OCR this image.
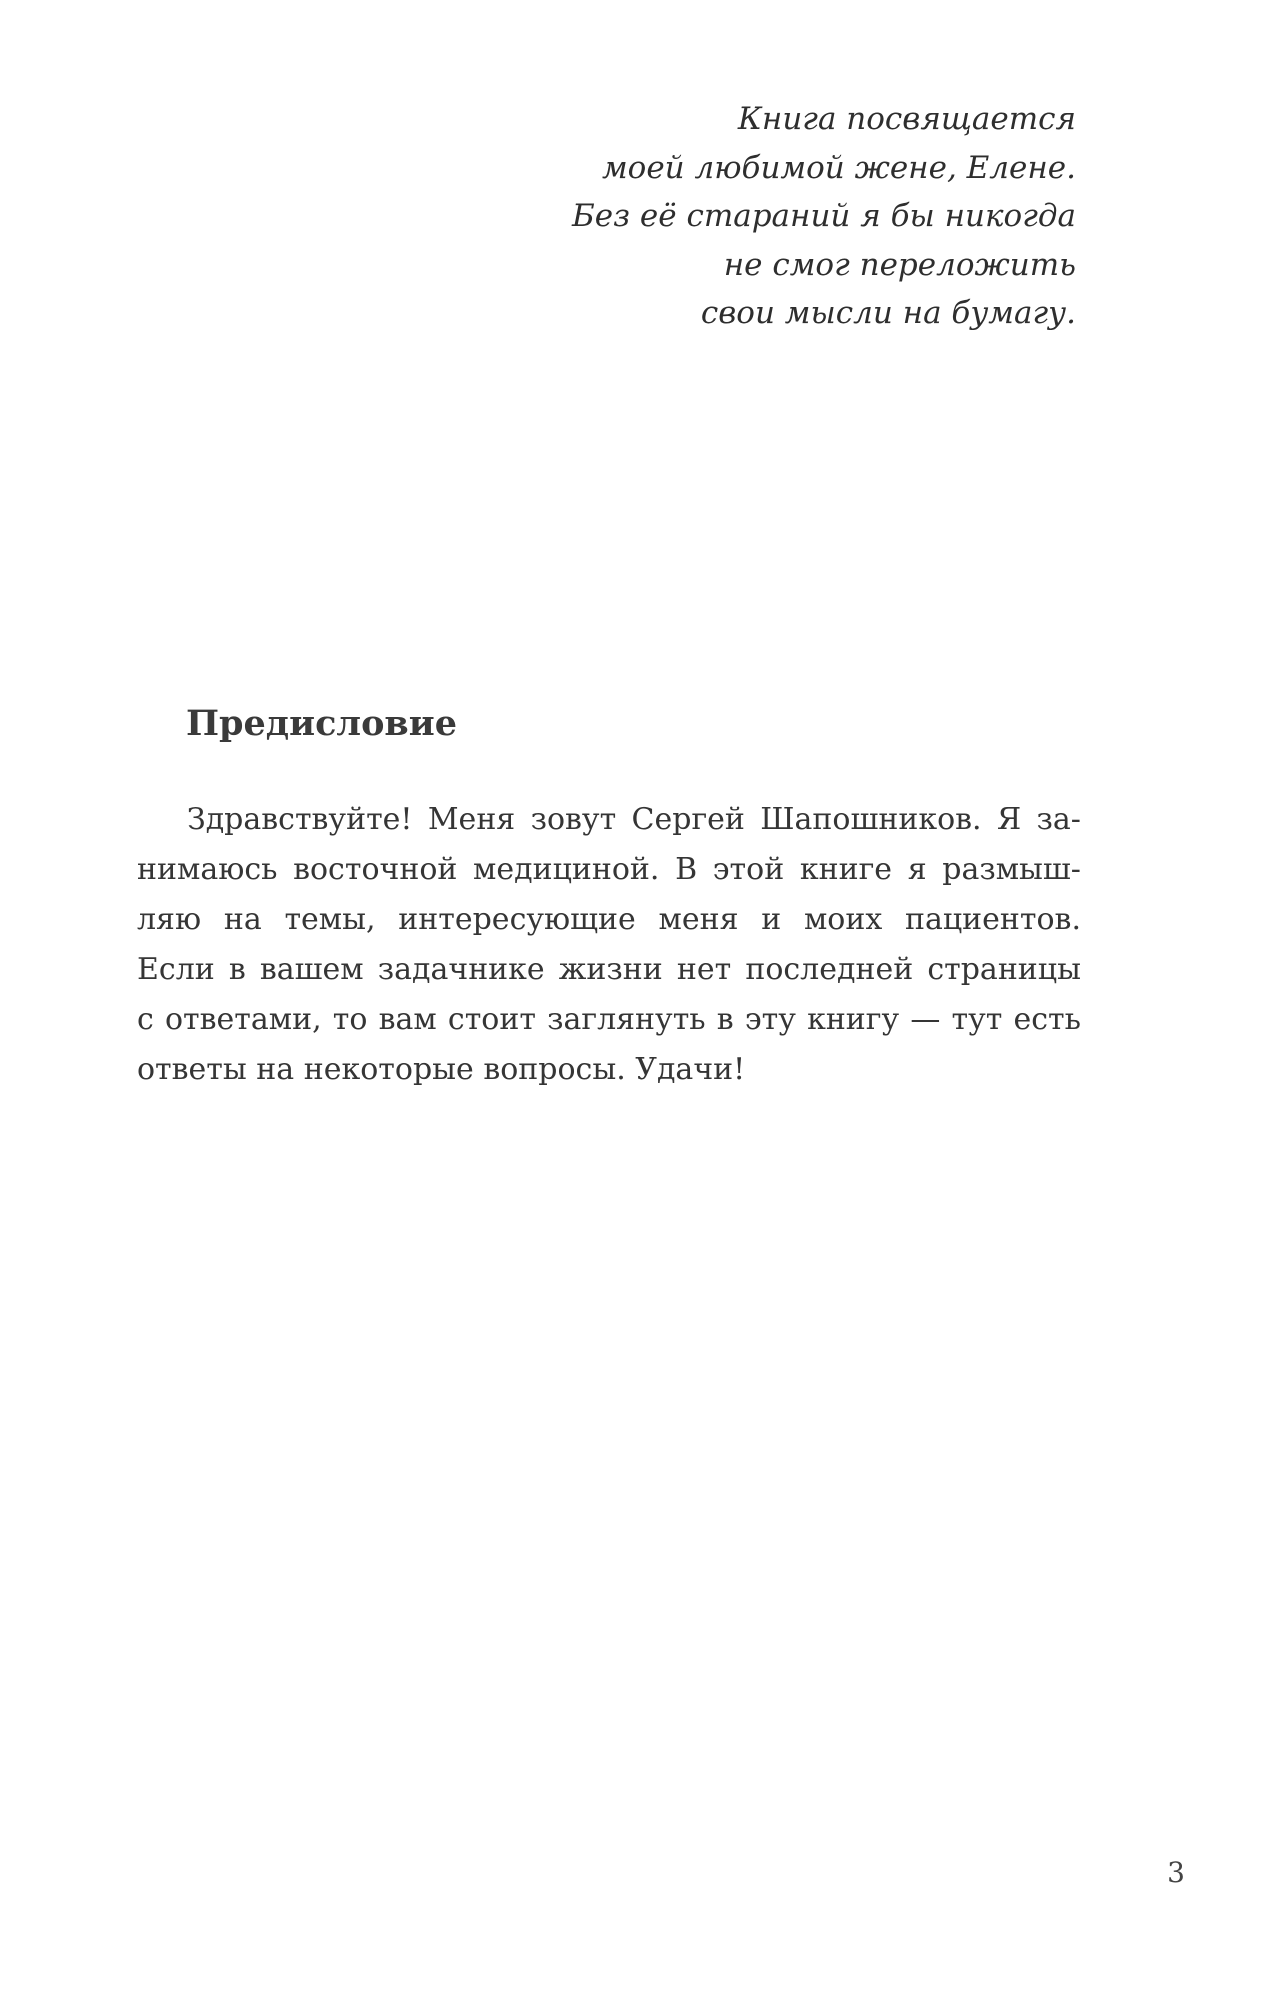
Книга посвящается
моей любимой жене, Елене.
Без её стараний я бы никогда
не смог переложить
свои мысли на бумагу.
Предисловие
Здравствуйте! Меня зовут Сергей Шапошников. Я за-
нимаюсь восточной медициной. В этой книге я размыш-
ляю на темы, интересующие меня и моих пациентов.
Если в вашем задачнике жизни нет последней страницы
с ответами, то вам стоит заглянуть в эту книгу — тут есть
ответы на некоторые вопросы. Удачи!
3
